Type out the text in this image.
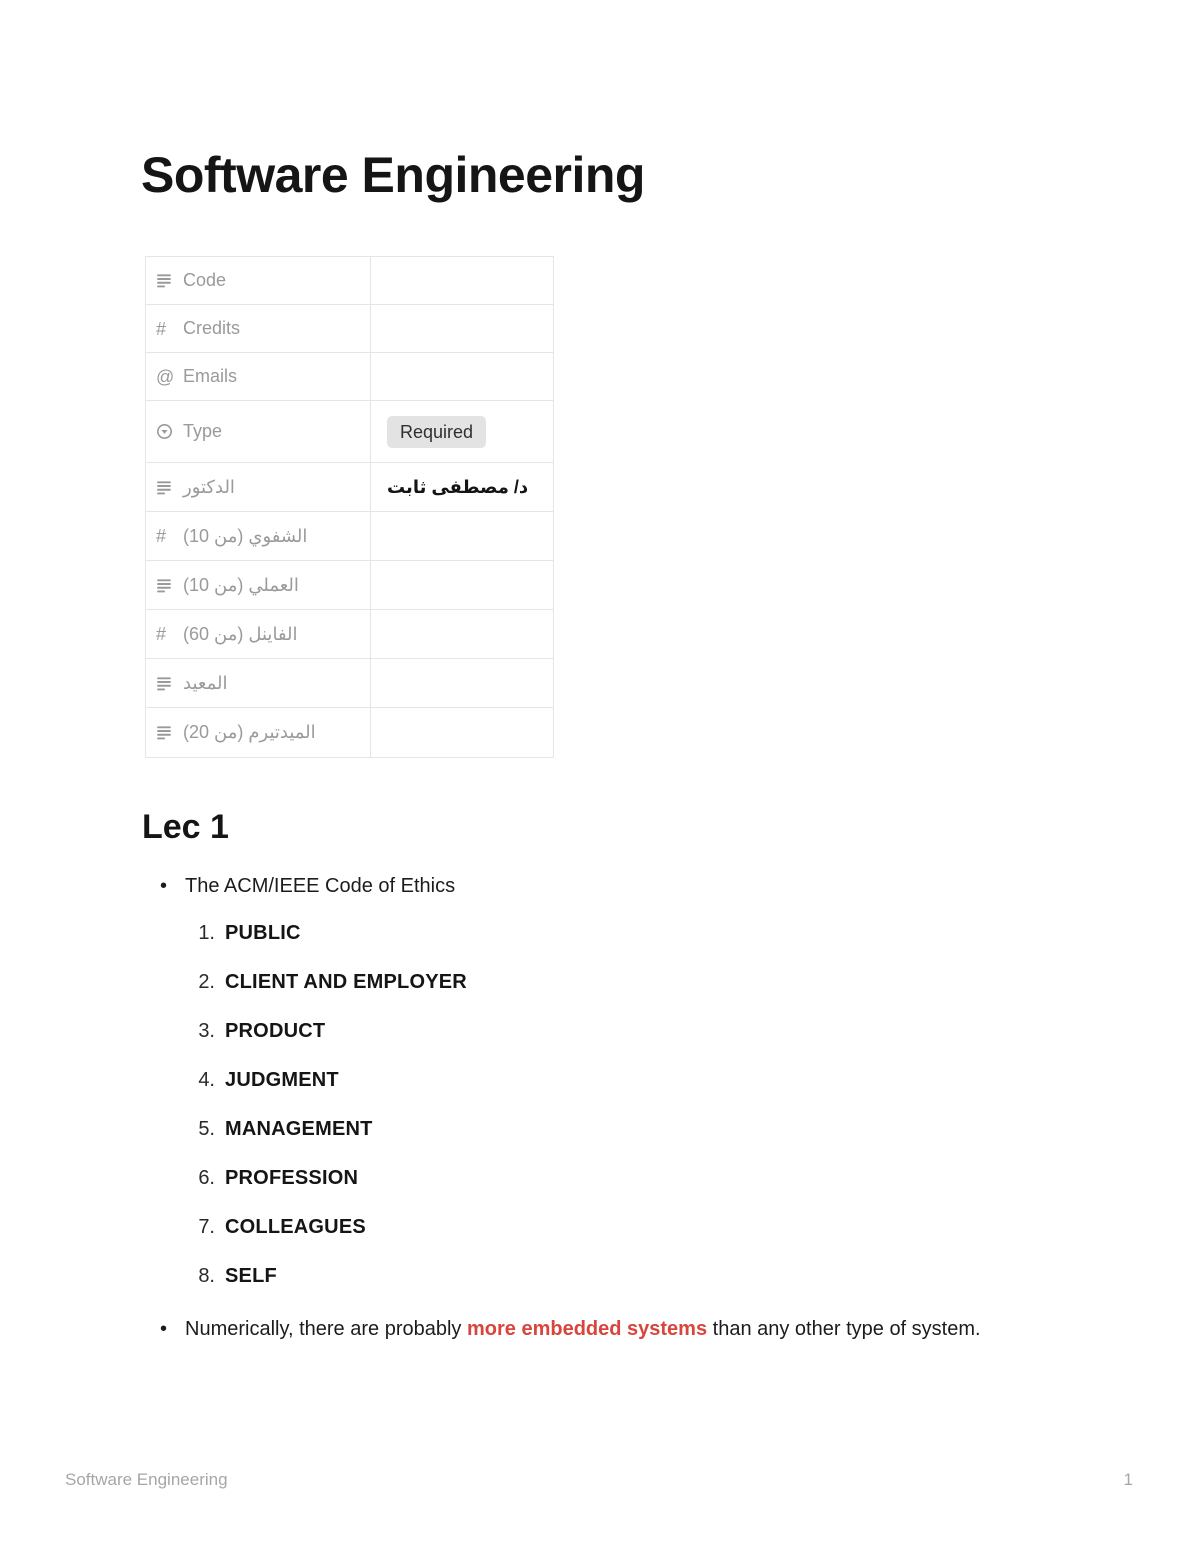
Software Engineering
Code
# Credits
@ Emails
Type	Required
الدكتور	د/ مصطفى ثابت
# الشفوي (من 10)
العملي (من 10)
# الفاينل (من 60)
المعيد
الميدتيرم (من 20)
Lec 1
• The ACM/IEEE Code of Ethics
1. PUBLIC
2. CLIENT AND EMPLOYER
3. PRODUCT
4. JUDGMENT
5. MANAGEMENT
6. PROFESSION
7. COLLEAGUES
8. SELF
• Numerically, there are probably more embedded systems than any other type of system.
Software Engineering	1
